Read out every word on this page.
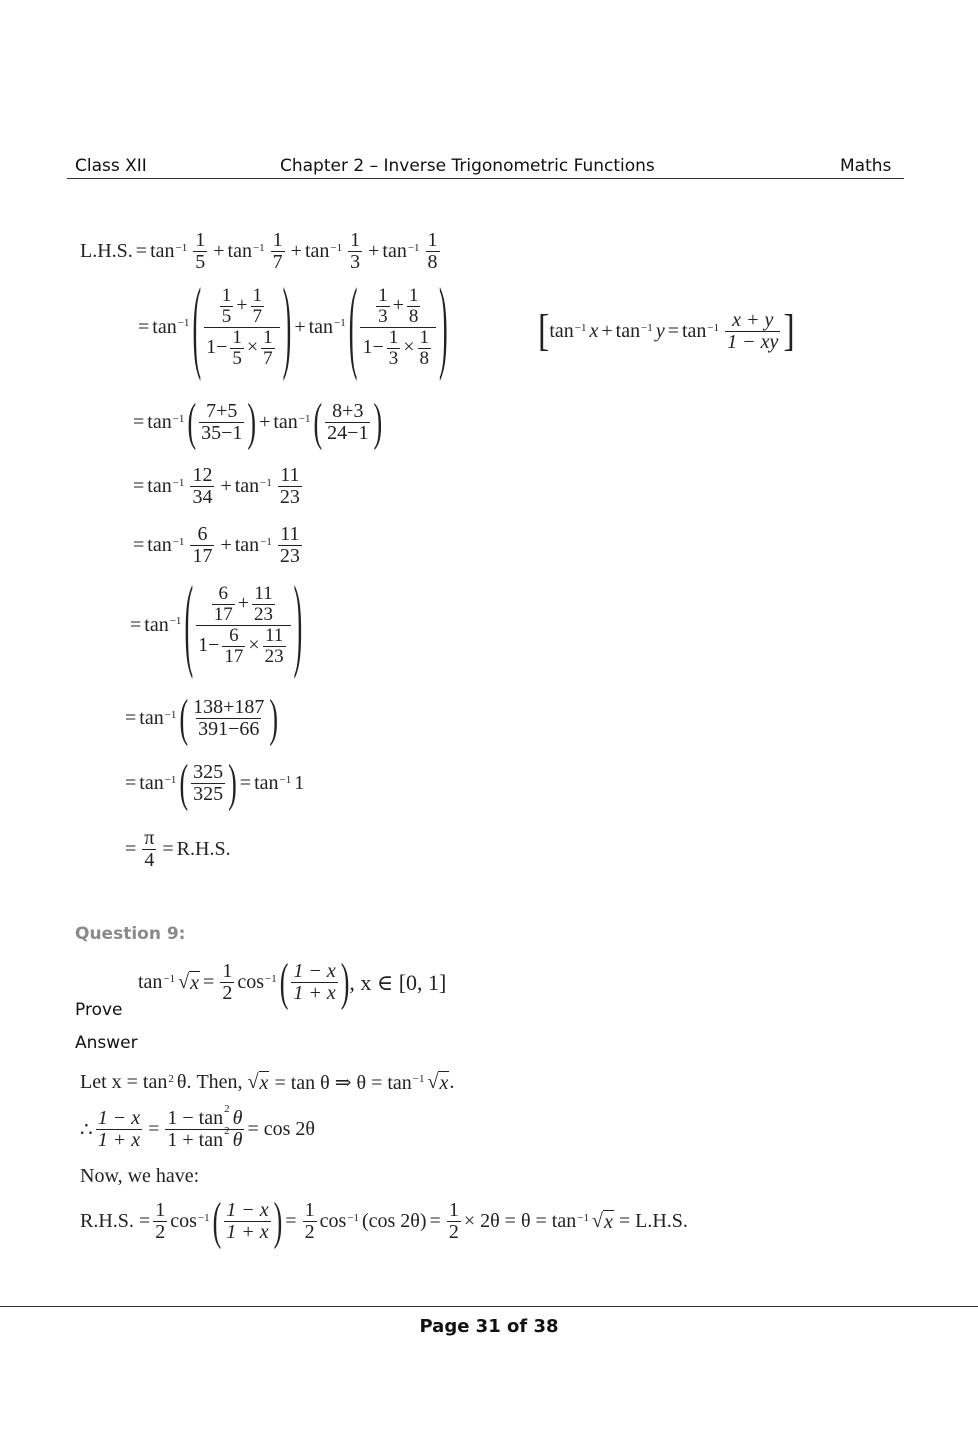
Class XII	Chapter 2 – Inverse Trigonometric Functions	Maths
L.H.S. = $\tan^{-1} \frac{1}{5} + \tan^{-1} \frac{1}{7} + \tan^{-1} \frac{1}{3} + \tan^{-1} \frac{1}{8}$
= $\tan^{-1}$ ( $\frac{\frac{1}{5} + \frac{1}{7}}{1- \frac{1}{5} \times \frac{1}{7}}$ ) + $\tan^{-1}$ ( $\frac{\frac{1}{3} + \frac{1}{8}}{1- \frac{1}{3} \times \frac{1}{8}}$ )	[ $\tan^{-1} x + \tan^{-1} y = \tan^{-1} \frac{x + y}{1 - xy}$ ]
= $\tan^{-1}$ ( $\frac{7+5}{35-1}$ ) + $\tan^{-1}$ ( $\frac{8+3}{24-1}$ )
= $\tan^{-1} \frac{12}{34} + \tan^{-1} \frac{11}{23}$
= $\tan^{-1} \frac{6}{17} + \tan^{-1} \frac{11}{23}$
= $\tan^{-1}$ ( $\frac{\frac{6}{17} + \frac{11}{23}}{1- \frac{6}{17} \times \frac{11}{23}}$ )
= $\tan^{-1}$ ( $\frac{138+187}{391-66}$ )
= $\tan^{-1}$ ( $\frac{325}{325}$ ) = $\tan^{-1} 1$
= $\frac{\pi}{4} = R.H.S$.
Question 9:
$\tan^{-1}$ √ $x = \frac{1}{2} \cos^{-1}$ ( $\frac{1 - x}{1 + x}$ ) , x ∈ [0, 1]
Prove
Answer
Let $x = \tan^2 \theta$. Then,
√ x
= tan θ ⇒ $\theta = \tan^{-1}$ √ x .
∴ $\frac{1 - x}{1 + x} = \frac{1 - \tan^2 \theta}{1 + \tan^2 \theta} = \cos 2\theta$
Now, we have:
R.H.S. = $\frac{1}{2} \cos^{-1}$ ( $\frac{1 - x}{1 + x}$ ) = $\frac{1}{2} \cos^{-1} (\cos$ $2\theta) = \frac{1}{2} \times 2\theta = \theta = \tan^{-1}$ √ x
= L.H.S.
Page 31 of 38
